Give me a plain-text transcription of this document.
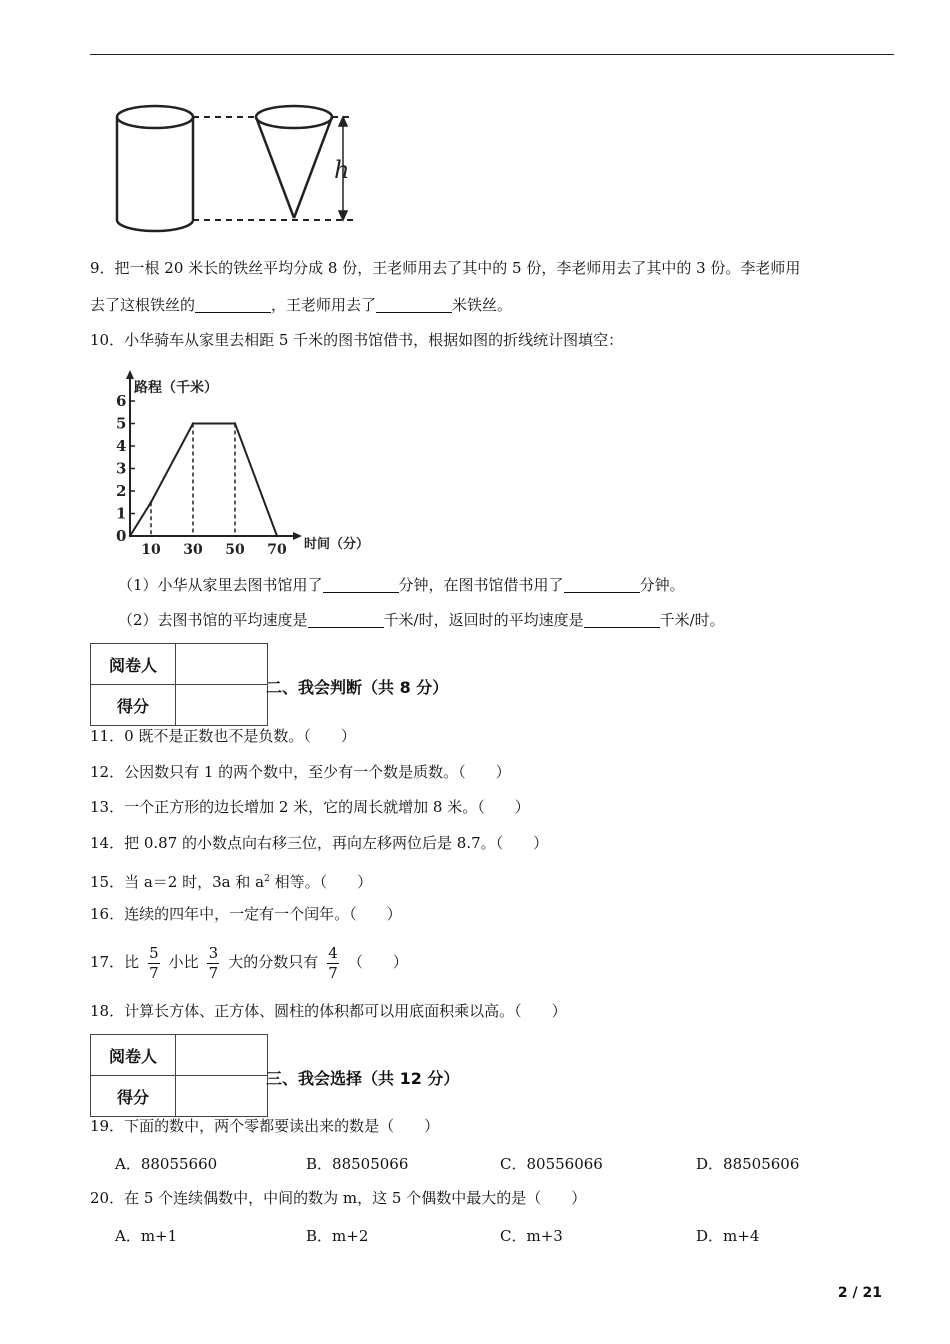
h
9．把一根 20 米长的铁丝平均分成 8 份，王老师用去了其中的 5 份，李老师用去了其中的 3 份。李老师用
去了这根铁丝的	，王老师用去了	米铁丝。
10．小华骑车从家里去相距 5 千米的图书馆借书，根据如图的折线统计图填空：
0
1
2
3
4
5
6
10 30 50 70
路程（千米）
时间（分）
（1）小华从家里去图书馆用了	分钟，在图书馆借书用了	分钟。
（2）去图书馆的平均速度是	千米/时，返回时的平均速度是	千米/时。
阅卷人	
得分	
二、我会判断（共 8 分）
11．0 既不是正数也不是负数。（　　）
12．公因数只有 1 的两个数中，至少有一个数是质数。（　　）
13．一个正方形的边长增加 2 米，它的周长就增加 8 米。（　　）
14．把 0.87 的小数点向右移三位，再向左移两位后是 8.7。（　　）
15．当 a＝2 时，3a 和 $a^2$ 相等。（　　）
16．连续的四年中，一定有一个闰年。（　　）
17．比 $\frac{5}{7}$ 小比 $\frac{3}{7}$ 大的分数只有 $\frac{4}{7}$ （　　）
18．计算长方体、正方体、圆柱的体积都可以用底面积乘以高。（　　）
阅卷人	
得分	
三、我会选择（共 12 分）
19．下面的数中，两个零都要读出来的数是（　　）
A．88055660	B．88505066	C．80556066	D．88505606
20．在 5 个连续偶数中，中间的数为 m，这 5 个偶数中最大的是（　　）
A．m+1	B．m+2	C．m+3	D．m+4
2 / 21
